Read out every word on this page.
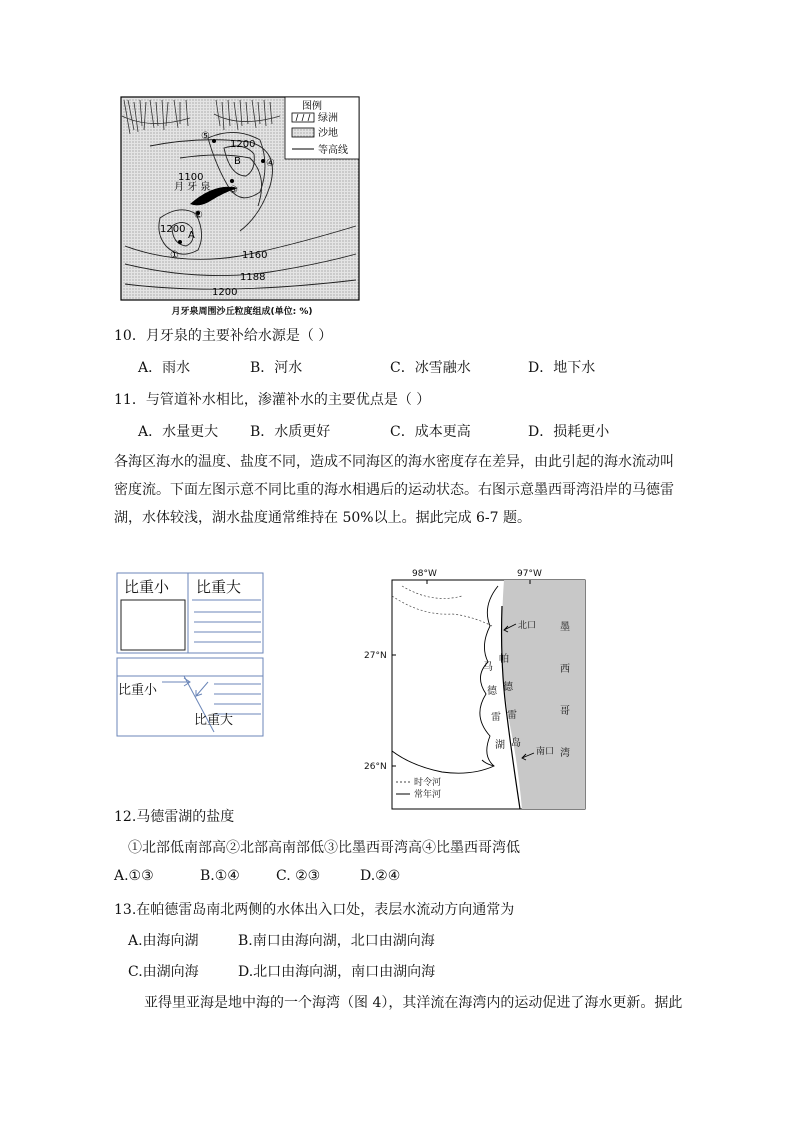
图例
绿洲
沙地
等高线
1200
1100
1200
1160
1188
1200
A
B
月 牙 泉
⑤
④
③
②
①
月牙泉周围沙丘粒度组成(单位: %)
10．月牙泉的主要补给水源是（ ）
A．雨水	B．河水	C．冰雪融水	D．地下水
11．与管道补水相比，渗灌补水的主要优点是（ ）
A．水量更大 B．水质更好	C．成本更高	D．损耗更小
各海区海水的温度、盐度不同，造成不同海区的海水密度存在差异，由此引起的海水流动叫密度流。下面左图示意不同比重的海水相遇后的运动状态。右图示意墨西哥湾沿岸的马德雷湖，水体较浅，湖水盐度通常维持在 50%以上。据此完成 6-7 题。
比重小 比重大
比重小
比重大
98°W	97°W
27°N
26°N
北口
南口
时令河
常年河
墨
西
哥
湾
帕
德
雷
岛
马
德
雷
湖
12.马德雷湖的盐度
①北部低南部高②北部高南部低③比墨西哥湾高④比墨西哥湾低
A.①③	B.①④	C. ②③	D.②④
13.在帕德雷岛南北两侧的水体出入口处，表层水流动方向通常为
A.由海向湖	B.南口由海向湖，北口由湖向海
C.由湖向海	D.北口由海向湖，南口由湖向海
亚得里亚海是地中海的一个海湾（图 4），其洋流在海湾内的运动促进了海水更新。据此
